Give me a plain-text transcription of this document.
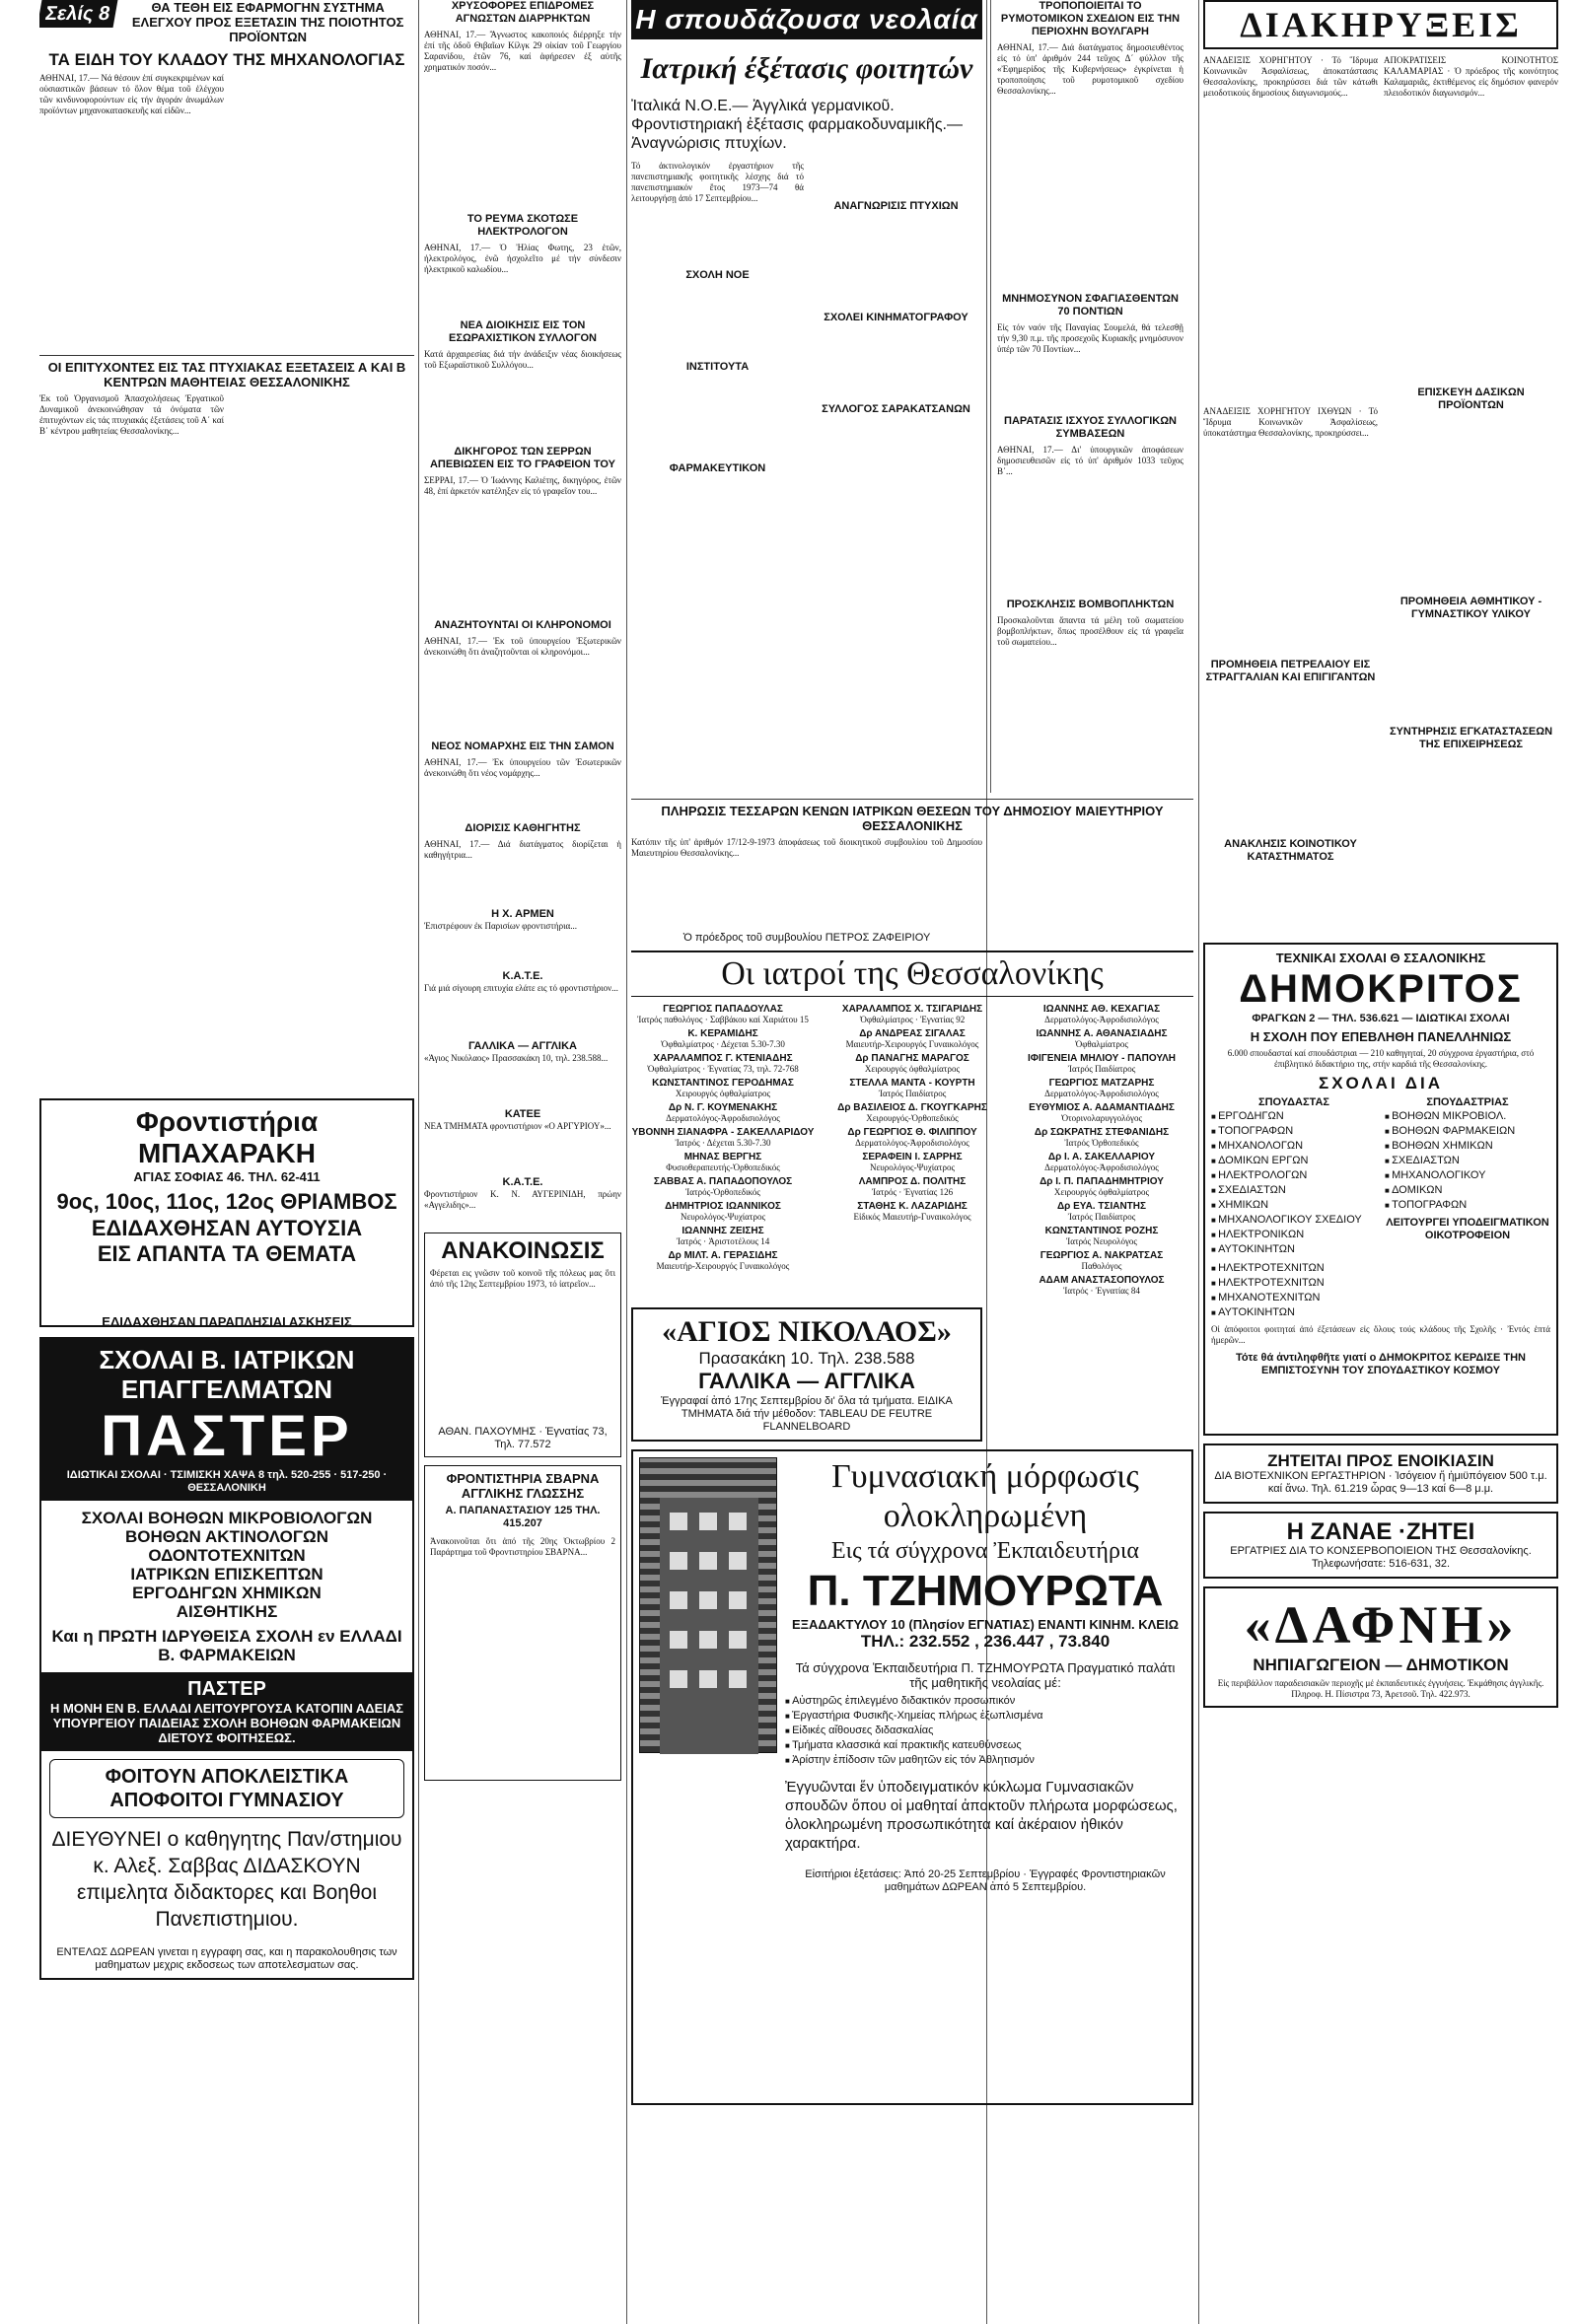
Σελίς 8	ΘΑ ΤΕΘΗ ΕΙΣ ΕΦΑΡΜΟΓΗΝ ΣΥΣΤΗΜΑ ΕΛΕΓΧΟΥ ΠΡΟΣ ΕΞΕΤΑΣΙΝ ΤΗΣ ΠΟΙΟΤΗΤΟΣ ΠΡΟΪΟΝΤΩΝ
ΤΑ ΕΙΔΗ ΤΟΥ ΚΛΑΔΟΥ ΤΗΣ ΜΗΧΑΝΟΛΟΓΙΑΣ

ΑΘΗΝΑΙ, 17.— Νά θέσουν ἐπί συγκεκριμένων καί οὐσιαστικῶν βάσεων τό ὅλον θέμα τοῦ ἐλέγχου τῶν κινδυνοφορούντων εἰς τήν ἀγοράν ἀνωμάλων προϊόντων μηχανοκατασκευῆς καί εἰδῶν...

ΟΙ ΕΠΙΤΥΧΟΝΤΕΣ ΕΙΣ ΤΑΣ ΠΤΥΧΙΑΚΑΣ ΕΞΕΤΑΣΕΙΣ Α ΚΑΙ Β ΚΕΝΤΡΩΝ ΜΑΘΗΤΕΙΑΣ ΘΕΣΣΑΛΟΝΙΚΗΣ

Ἐκ τοῦ Ὀργανισμοῦ Ἀπασχολήσεως Ἐργατικοῦ Δυναμικοῦ ἀνεκοινώθησαν τά ὀνόματα τῶν ἐπιτυχόντων εἰς τάς πτυχιακάς ἐξετάσεις τοῦ Α΄ καί Β΄ κέντρου μαθητείας Θεσσαλονίκης...

Φροντιστήρια ΜΠΑΧΑΡΑΚΗ
ΑΓΙΑΣ ΣΟΦΙΑΣ 46. ΤΗΛ. 62-411
9ος, 10ος, 11ος, 12ος ΘΡΙΑΜΒΟΣ
ΕΔΙΔΑΧΘΗΣΑΝ ΑΥΤΟΥΣΙΑ
ΕΙΣ ΑΠΑΝΤΑ ΤΑ ΘΕΜΑΤΑ
ΕΔΙΔΑΧΘΗΣΑΝ ΠΑΡΑΠΛΗΣΙΑΙ ΑΣΚΗΣΕΙΣ
ΣΧΟΛΑΙ Β. ΙΑΤΡΙΚΩΝ ΕΠΑΓΓΕΛΜΑΤΩΝ
ΠΑΣΤΕΡ
ΙΔΙΩΤΙΚΑΙ ΣΧΟΛΑΙ · ΤΣΙΜΙΣΚΗ ΧΑΨΑ 8 τηλ. 520-255 · 517-250 · ΘΕΣΣΑΛΟΝΙΚΗ
ΣΧΟΛΑΙ ΒΟΗΘΩΝ ΜΙΚΡΟΒΙΟΛΟΓΩΝ
ΒΟΗΘΩΝ ΑΚΤΙΝΟΛΟΓΩΝ
ΟΔΟΝΤΟΤΕΧΝΙΤΩΝ
ΙΑΤΡΙΚΩΝ ΕΠΙΣΚΕΠΤΩΝ
ΕΡΓΟΔΗΓΩΝ ΧΗΜΙΚΩΝ
ΑΙΣΘΗΤΙΚΗΣ
Και η ΠΡΩΤΗ ΙΔΡΥΘΕΙΣΑ ΣΧΟΛΗ εν ΕΛΛΑΔΙ Β. ΦΑΡΜΑΚΕΙΩΝ
ΠΑΣΤΕΡ
Η ΜΟΝΗ ΕΝ Β. ΕΛΛΑΔΙ ΛΕΙΤΟΥΡΓΟΥΣΑ ΚΑΤΟΠΙΝ ΑΔΕΙΑΣ ΥΠΟΥΡΓΕΙΟΥ ΠΑΙΔΕΙΑΣ ΣΧΟΛΗ ΒΟΗΘΩΝ ΦΑΡΜΑΚΕΙΩΝ ΔΙΕΤΟΥΣ ΦΟΙΤΗΣΕΩΣ.
ΦΟΙΤΟΥΝ ΑΠΟΚΛΕΙΣΤΙΚΑ ΑΠΟΦΟΙΤΟΙ ΓΥΜΝΑΣΙΟΥ
ΔΙΕΥΘΥΝΕΙ ο καθηγητης Παν/στημιου κ. Αλεξ. Σαββας ΔΙΔΑΣΚΟΥΝ επιμελητα διδακτορες και Βοηθοι Πανεπιστημιου.
ΕΝΤΕΛΩΣ ΔΩΡΕΑΝ γινεται η εγγραφη σας, και η παρακολουθησις των μαθηματων μεχρις εκδοσεως των αποτελεσματων σας.
ΧΡΥΣΟΦΟΡΕΣ ΕΠΙΔΡΟΜΕΣ ΑΓΝΩΣΤΩΝ ΔΙΑΡΡΗΚΤΩΝ

ΑΘΗΝΑΙ, 17.— Ἄγνωστος κακοποιός διέρρηξε τήν ἐπί τῆς ὁδοῦ Θιβαῖων Κίλγκ 29 οἰκίαν τοῦ Γεωργίου Σαρανίδου, ἐτῶν 76, καί ἀφήρεσεν ἐξ αὐτῆς χρηματικόν ποσόν...

ΤΟ ΡΕΥΜΑ ΣΚΟΤΩΣΕ ΗΛΕΚΤΡΟΛΟΓΟΝ

ΑΘΗΝΑΙ, 17.— Ὁ Ἠλίας Φωτης, 23 ἐτῶν, ἠλεκτρολόγος, ἐνῶ ἠσχολεῖτο μέ τήν σύνδεσιν ἠλεκτρικοῦ καλωδίου...

ΝΕΑ ΔΙΟΙΚΗΣΙΣ ΕΙΣ ΤΟΝ ΕΣΩΡΑΧΙΣΤΙΚΟΝ ΣΥΛΛΟΓΟΝ

Κατά ἀρχαιρεσίας διά τήν ἀνάδειξιν νέας διοικήσεως τοῦ Εξωραϊστικοῦ Συλλόγου...

ΔΙΚΗΓΟΡΟΣ ΤΩΝ ΣΕΡΡΩΝ ΑΠΕΒΙΩΣΕΝ ΕΙΣ ΤΟ ΓΡΑΦΕΙΟΝ ΤΟΥ

ΣΕΡΡΑΙ, 17.— Ὁ Ἰωάννης Καλιέτης, δικηγόρος, ἐτῶν 48, ἐπί ἀρκετόν κατέληξεν εἰς τό γραφεῖον του...

ΑΝΑΖΗΤΟΥΝΤΑΙ ΟΙ ΚΛΗΡΟΝΟΜΟΙ

ΑΘΗΝΑΙ, 17.— Ἐκ τοῦ ὑπουργείου Ἐξωτερικῶν ἀνεκοινώθη ὅτι ἀναζητοῦνται οἱ κληρονόμοι...

ΝΕΟΣ ΝΟΜΑΡΧΗΣ ΕΙΣ ΤΗΝ ΣΑΜΟΝ

ΑΘΗΝΑΙ, 17.— Ἐκ ὑπουργείου τῶν Ἐσωτερικῶν ἀνεκοινώθη ὅτι νέος νομάρχης...

ΔΙΟΡΙΣΙΣ ΚΑΘΗΓΗΤΗΣ

ΑΘΗΝΑΙ, 17.— Διά διατάγματος διορίζεται ἡ καθηγήτρια...

Η Χ. ΑΡΜΕΝ

Ἐπιστρέφουν ἐκ Παρισίων φροντιστήρια...

Κ.Α.Τ.Ε.

Γιά μιά σίγουρη επιτυχία ελάτε εις τό φροντιστήριον...

ΓΑΛΛΙΚΑ — ΑΓΓΛΙΚΑ

«Άγιος Νικόλαος» Πρασσακάκη 10, τηλ. 238.588...

ΚΑΤΕΕ

ΝΕΑ ΤΜΗΜΑΤΑ φροντιστήριον «Ο ΑΡΓΥΡΙΟΥ»...

Κ.Α.Τ.Ε.

Φροντιστήριον Κ. Ν. ΑΥΓΕΡΙΝΙΔΗ, πρώην «Αγγελιδης»...

ΑΝΑΚΟΙΝΩΣΙΣ

Φέρεται εις γνῶσιν τοῦ κοινοῦ τῆς πόλεως μας ὅτι ἀπό τῆς 12ης Σεπτεμβρίου 1973, τό ἰατρεῖον...

ΑΘΑΝ. ΠΑΧΟΥΜΗΣ · Ἐγνατίας 73, Τηλ. 77.572
ΦΡΟΝΤΙΣΤΗΡΙΑ ΣΒΑΡΝΑ ΑΓΓΛΙΚΗΣ ΓΛΩΣΣΗΣ
Α. ΠΑΠΑΝΑΣΤΑΣΙΟΥ 125 ΤΗΛ. 415.207

Ἀνακοινοῦται ὅτι ἀπό τῆς 20ης Ὀκτωβρίου 2 Παράρτημα τοῦ Φροντιστηρίου ΣΒΑΡΝΑ...

Η σπουδάζουσα νεολαία
Ιατρική έξέτασις φοιτητών
Ἰταλικά Ν.Ο.Ε.— Ἀγγλικά γερμανικοῦ. Φροντιστηριακή ἐξέτασις φαρμακοδυναμικῆς.— Ἀναγνώρισις πτυχίων.

Τό ἀκτινολογικόν ἐργαστήριον τῆς πανεπιστημιακῆς φοιτητικῆς λέσχης διά τό πανεπιστημιακόν ἔτος 1973—74 θά λειτουργήσῃ ἀπό 17 Σεπτεμβρίου...

ΣΧΟΛΗ ΝΟΕ

ΙΝΣΤΙΤΟΥΤΑ

ΦΑΡΜΑΚΕΥΤΙΚΟΝ

ΑΝΑΓΝΩΡΙΣΙΣ ΠΤΥΧΙΩΝ

ΣΧΟΛΕΙ ΚΙΝΗΜΑΤΟΓΡΑΦΟΥ

ΣΥΛΛΟΓΟΣ ΣΑΡΑΚΑΤΣΑΝΩΝ

ΤΡΟΠΟΠΟΙΕΙΤΑΙ ΤΟ ΡΥΜΟΤΟΜΙΚΟΝ ΣΧΕΔΙΟΝ ΕΙΣ ΤΗΝ ΠΕΡΙΟΧΗΝ ΒΟΥΛΓΑΡΗ

ΑΘΗΝΑΙ, 17.— Διά διατάγματος δημοσιευθέντος εἰς τό ὑπ' ἀριθμόν 244 τεῦχος Δ΄ φύλλον τῆς «Ἐφημερίδος τῆς Κυβερνήσεως» ἐγκρίνεται ἡ τροποποίησις τοῦ ρυμοτομικοῦ σχεδίου Θεσσαλονίκης...

ΜΝΗΜΟΣΥΝΟΝ ΣΦΑΓΙΑΣΘΕΝΤΩΝ 70 ΠΟΝΤΙΩΝ

Εἰς τόν ναόν τῆς Παναγίας Σουμελά, θά τελεσθῇ τήν 9,30 π.μ. τῆς προσεχοῦς Κυριακῆς μνημόσυνον ὑπέρ τῶν 70 Ποντίων...

ΠΑΡΑΤΑΣΙΣ ΙΣΧΥΟΣ ΣΥΛΛΟΓΙΚΩΝ ΣΥΜΒΑΣΕΩΝ

ΑΘΗΝΑΙ, 17.— Δι' ὑπουργικῶν ἀποφάσεων δημοσιευθεισῶν εἰς τό ὑπ' ἀριθμόν 1033 τεῦχος Β΄...

ΠΡΟΣΚΛΗΣΙΣ ΒΟΜΒΟΠΛΗΚΤΩΝ

Προσκαλοῦνται ἅπαντα τά μέλη τοῦ σωματείου βομβοπλήκτων, ὅπως προσέλθουν εἰς τά γραφεῖα τοῦ σωματείου...

ΠΛΗΡΩΣΙΣ ΤΕΣΣΑΡΩΝ ΚΕΝΩΝ ΙΑΤΡΙΚΩΝ ΘΕΣΕΩΝ ΤΟΥ ΔΗΜΟΣΙΟΥ ΜΑΙΕΥΤΗΡΙΟΥ ΘΕΣΣΑΛΟΝΙΚΗΣ

Κατόπιν τῆς ὑπ' ἀριθμόν 17/12-9-1973 ἀποφάσεως τοῦ διοικητικοῦ συμβουλίου τοῦ Δημοσίου Μαιευτηρίου Θεσσαλονίκης...

Ὁ πρόεδρος τοῦ συμβουλίου ΠΕΤΡΟΣ ΖΑΦΕΙΡΙΟΥ
Οι ιατροί της Θεσσαλονίκης
ΓΕΩΡΓΙΟΣ ΠΑΠΑΔΟΥΛΑΣ
Ἰατρός παθολόγος · Σαββάκου καί Χαριάτου 15
Κ. ΚΕΡΑΜΙΔΗΣ
Ὀφθαλμίατρος · Δέχεται 5.30-7.30
ΧΑΡΑΛΑΜΠΟΣ Γ. ΚΤΕΝΙΑΔΗΣ
Ὀφθαλμίατρος · Ἐγνατίας 73, τηλ. 72-768
ΚΩΝΣΤΑΝΤΙΝΟΣ ΓΕΡΟΔΗΜΑΣ
Χειρουργός ὀφθαλμίατρος
Δρ Ν. Γ. ΚΟΥΜΕΝΑΚΗΣ
Δερματολόγος-Ἀφροδισιολόγος
ΥΒΟΝΝΗ ΣΙΑΝΑΦΡΑ - ΣΑΚΕΛΛΑΡΙΔΟΥ
Ἰατρός · Δέχεται 5.30-7.30
ΜΗΝΑΣ ΒΕΡΓΗΣ
Φυσιοθεραπευτής-Ὀρθοπεδικός
ΣΑΒΒΑΣ Α. ΠΑΠΑΔΟΠΟΥΛΟΣ
Ἰατρός-Ὀρθοπεδικός
ΔΗΜΗΤΡΙΟΣ ΙΩΑΝΝΙΚΟΣ
Νευρολόγος-Ψυχίατρος
ΙΩΑΝΝΗΣ ΖΕΙΣΗΣ
Ἰατρός · Ἀριστοτέλους 14
Δρ ΜΙΛΤ. Α. ΓΕΡΑΣΙΔΗΣ
Μαιευτήρ-Χειρουργός Γυναικολόγος
ΧΑΡΑΛΑΜΠΟΣ Χ. ΤΣΙΓΑΡΙΔΗΣ
Ὀφθαλμίατρος · Ἐγνατίας 92
Δρ ΑΝΔΡΕΑΣ ΣΙΓΑΛΑΣ
Μαιευτήρ-Χειρουργός Γυναικολόγος
Δρ ΠΑΝΑΓΗΣ ΜΑΡΑΓΟΣ
Χειρουργός ὀφθαλμίατρος
ΣΤΕΛΛΑ ΜΑΝΤΑ - ΚΟΥΡΤΗ
Ἰατρός Παιδίατρος
Δρ ΒΑΣΙΛΕΙΟΣ Δ. ΓΚΟΥΓΚΑΡΗΣ
Χειρουργός-Ὀρθοπεδικός
Δρ ΓΕΩΡΓΙΟΣ Θ. ΦΙΛΙΠΠΟΥ
Δερματολόγος-Ἀφροδισιολόγος
ΣΕΡΑΦΕΙΝ Ι. ΣΑΡΡΗΣ
Νευρολόγος-Ψυχίατρος
ΛΑΜΠΡΟΣ Δ. ΠΟΛΙΤΗΣ
Ἰατρός · Ἐγνατίας 126
ΣΤΑΘΗΣ Κ. ΛΑΖΑΡΙΔΗΣ
Εἰδικός Μαιευτήρ-Γυναικολόγος
ΙΩΑΝΝΗΣ ΑΘ. ΚΕΧΑΓΙΑΣ
Δερματολόγος-Ἀφροδισιολόγος
ΙΩΑΝΝΗΣ Α. ΑΘΑΝΑΣΙΑΔΗΣ
Ὀφθαλμίατρος
ΙΦΙΓΕΝΕΙΑ ΜΗΛΙΟΥ - ΠΑΠΟΥΛΗ
Ἰατρός Παιδίατρος
ΓΕΩΡΓΙΟΣ ΜΑΤΖΑΡΗΣ
Δερματολόγος-Ἀφροδισιολόγος
ΕΥΘΥΜΙΟΣ Α. ΑΔΑΜΑΝΤΙΑΔΗΣ
Ὀτορινολαρυγγολόγος
Δρ ΣΩΚΡΑΤΗΣ ΣΤΕΦΑΝΙΔΗΣ
Ἰατρός Ὀρθοπεδικός
Δρ Ι. Α. ΣΑΚΕΛΛΑΡΙΟΥ
Δερματολόγος-Ἀφροδισιολόγος
Δρ Ι. Π. ΠΑΠΑΔΗΜΗΤΡΙΟΥ
Χειρουργός ὀφθαλμίατρος
Δρ ΕΥΑ. ΤΣΙΑΝΤΗΣ
Ἰατρός Παιδίατρος
ΚΩΝΣΤΑΝΤΙΝΟΣ ΡΟΖΗΣ
Ἰατρός Νευρολόγος
ΓΕΩΡΓΙΟΣ Α. ΝΑΚΡΑΤΣΑΣ
Παθολόγος
ΑΔΑΜ ΑΝΑΣΤΑΣΟΠΟΥΛΟΣ
Ἰατρός · Ἐγνατίας 84
«ΑΓΙΟΣ ΝΙΚΟΛΑΟΣ»
Πρασακάκη 10. Τηλ. 238.588
ΓΑΛΛΙΚΑ — ΑΓΓΛΙΚΑ
Ἐγγραφαί ἀπό 17ης Σεπτεμβρίου δι' ὅλα τά τμήματα. ΕΙΔΙΚΑ ΤΜΗΜΑΤΑ διά τήν μέθοδον: TABLEAU DE FEUTRE FLANNELBOARD
Γυμνασιακή μόρφωσις
ολοκληρωμένη
Εις τά σύγχρονα Ἐκπαιδευτήρια
Π. ΤΖΗΜΟΥΡΩΤΑ
ΕΞΑΔΑΚΤΥΛΟΥ 10 (Πλησίον ΕΓΝΑΤΙΑΣ) ΕΝΑΝΤΙ ΚΙΝΗΜ. ΚΛΕΙΩ
ΤΗΛ.: 232.552 , 236.447 , 73.840
Τά σύγχρονα Ἐκπαιδευτήρια Π. ΤΖΗΜΟΥΡΩΤΑ Πραγματικό παλάτι τῆς μαθητικῆς νεολαίας μέ:
■ Αὐστηρῶς ἐπιλεγμένο διδακτικόν προσωπικόν
■ Ἐργαστήρια Φυσικῆς-Χημείας πλήρως ἐξωπλισμένα
■ Εἰδικές αἴθουσες διδασκαλίας
■ Τμήματα κλασσικά καί πρακτικῆς κατευθύνσεως
■ Ἀρίστην ἐπίδοσιν τῶν μαθητῶν εἰς τόν Ἀθλητισμόν
Ἐγγυῶνται ἕν ὑποδειγματικόν κύκλωμα Γυμνασιακῶν σπουδῶν ὅπου οἱ μαθηταί ἀποκτοῦν πλήρωτα μορφώσεως, ὁλοκληρωμένη προσωπικότητα καί ἀκέραιον ἠθικόν χαρακτήρα.
Εἰσιτήριοι ἐξετάσεις: Ἀπό 20-25 Σεπτεμβρίου · Ἐγγραφές Φροντιστηριακῶν μαθημάτων ΔΩΡΕΑΝ ἀπό 5 Σεπτεμβρίου.
ΔΙΑΚΗΡΥΞΕΙΣ

ΑΝΑΔΕΙΞΙΣ ΧΟΡΗΓΗΤΟΥ · Τό Ἵδρυμα Κοινωνικῶν Ἀσφαλίσεως, ἀποκατάστασις Θεσσαλονίκης, προκηρύσσει διά τῶν κάτωθι μειοδοτικούς δημοσίους διαγωνισμούς...

ΑΝΑΔΕΙΞΙΣ ΧΟΡΗΓΗΤΟΥ ΙΧΘΥΩΝ · Τό Ἵδρυμα Κοινωνικῶν Ἀσφαλίσεως, ὑποκατάστημα Θεσσαλονίκης, προκηρύσσει...

ΠΡΟΜΗΘΕΙΑ ΠΕΤΡΕΛΑΙΟΥ ΕΙΣ ΣΤΡΑΓΓΑΛΙΑΝ ΚΑΙ ΕΠΙΓΙΓΑΝΤΩΝ

ΑΝΑΚΛΗΣΙΣ ΚΟΙΝΟΤΙΚΟΥ ΚΑΤΑΣΤΗΜΑΤΟΣ

ΑΠΟΚΡΑΤΙΣΕΙΣ ΚΟΙΝΟΤΗΤΟΣ ΚΑΛΑΜΑΡΙΑΣ · Ὁ πρόεδρος τῆς κοινότητος Καλαμαριᾶς, ἐκτιθέμενος εἰς δημόσιον φανερόν πλειοδοτικόν διαγωνισμόν...

ΕΠΙΣΚΕΥΗ ΔΑΣΙΚΩΝ ΠΡΟΪΟΝΤΩΝ

ΠΡΟΜΗΘΕΙΑ ΑΘΜΗΤΙΚΟΥ - ΓΥΜΝΑΣΤΙΚΟΥ ΥΛΙΚΟΥ

ΣΥΝΤΗΡΗΣΙΣ ΕΓΚΑΤΑΣΤΑΣΕΩΝ ΤΗΣ ΕΠΙΧΕΙΡΗΣΕΩΣ

ΤΕΧΝΙΚΑΙ ΣΧΟΛΑΙ Θ ΣΣΑΛΟΝΙΚΗΣ
ΔΗΜΟΚΡΙΤΟΣ
ΦΡΑΓΚΩΝ 2 — ΤΗΛ. 536.621 — ΙΔΙΩΤΙΚΑΙ ΣΧΟΛΑΙ
Η ΣΧΟΛΗ ΠΟΥ ΕΠΕΒΛΗΘΗ ΠΑΝΕΛΛΗΝΙΩΣ
6.000 σπουδασταί καί σπουδάστριαι — 210 καθηγηταί, 20 σύγχρονα ἐργαστήρια, στό ἐπιβλητικό διδακτήριο της, στήν καρδιά τῆς Θεσσαλονίκης.
ΣΧΟΛΑΙ ΔΙΑ
ΣΠΟΥΔΑΣΤΑΣ
■ ΕΡΓΟΔΗΓΩΝ
■ ΤΟΠΟΓΡΑΦΩΝ
■ ΜΗΧΑΝΟΛΟΓΩΝ
■ ΔΟΜΙΚΩΝ ΕΡΓΩΝ
■ ΗΛΕΚΤΡΟΛΟΓΩΝ
■ ΣΧΕΔΙΑΣΤΩΝ
■ ΧΗΜΙΚΩΝ
■ ΜΗΧΑΝΟΛΟΓΙΚΟΥ ΣΧΕΔΙΟΥ
■ ΗΛΕΚΤΡΟΝΙΚΩΝ
■ ΑΥΤΟΚΙΝΗΤΩΝ
ΣΠΟΥΔΑΣΤΡΙΑΣ
■ ΒΟΗΘΩΝ ΜΙΚΡΟΒΙΟΛ.
■ ΒΟΗΘΩΝ ΦΑΡΜΑΚΕΙΩΝ
■ ΒΟΗΘΩΝ ΧΗΜΙΚΩΝ
■ ΣΧΕΔΙΑΣΤΩΝ
■ ΜΗΧΑΝΟΛΟΓΙΚΟΥ
■ ΔΟΜΙΚΩΝ
■ ΤΟΠΟΓΡΑΦΩΝ
ΛΕΙΤΟΥΡΓΕΙ ΥΠΟΔΕΙΓΜΑΤΙΚΟΝ ΟΙΚΟΤΡΟΦΕΙΟΝ
■ ΗΛΕΚΤΡΟΤΕΧΝΙΤΩΝ
■ ΗΛΕΚΤΡΟΤΕΧΝΙΤΩΝ
■ ΜΗΧΑΝΟΤΕΧΝΙΤΩΝ
■ ΑΥΤΟΚΙΝΗΤΩΝ

Οἱ ἀπόφοιτοι φοιτηταί ἀπό ἐξετάσεων εἰς ὅλους τούς κλάδους τῆς Σχολῆς · Ἐντός ἐπτά ἡμερῶν...

Τότε θά ἀντιληφθῆτε γιατί ο ΔΗΜΟΚΡΙΤΟΣ ΚΕΡΔΙΣΕ ΤΗΝ ΕΜΠΙΣΤΟΣΥΝΗ ΤΟΥ ΣΠΟΥΔΑΣΤΙΚΟΥ ΚΟΣΜΟΥ
ΖΗΤΕΙΤΑΙ ΠΡΟΣ ΕΝΟΙΚΙΑΣΙΝ
ΔΙΑ ΒΙΟΤΕΧΝΙΚΟΝ ΕΡΓΑΣΤΗΡΙΟΝ · Ἰσόγειον ἤ ἡμιϋπόγειον 500 τ.μ. καί ἄνω. Τηλ. 61.219 ὧρας 9—13 καί 6—8 μ.μ.
Η ΖΑΝΑΕ ·ΖΗΤΕΙ
ΕΡΓΑΤΡΙΕΣ ΔΙΑ ΤΟ ΚΟΝΣΕΡΒΟΠΟΙΕΙΟΝ ΤΗΣ Θεσσαλονίκης. Τηλεφωνήσατε: 516-631, 32.
«ΔΑΦΝΗ»
ΝΗΠΙΑΓΩΓΕΙΟΝ — ΔΗΜΟΤΙΚΟΝ
Εἰς περιβάλλον παραδεισιακῶν περιοχῆς μέ ἐκπαιδευτικές ἐγγυήσεις. Ἐκμάθησις ἀγγλικῆς. Πληροφ. Η. Πίσιστρα 73, Ἀρετσοῦ. Τηλ. 422.973.
